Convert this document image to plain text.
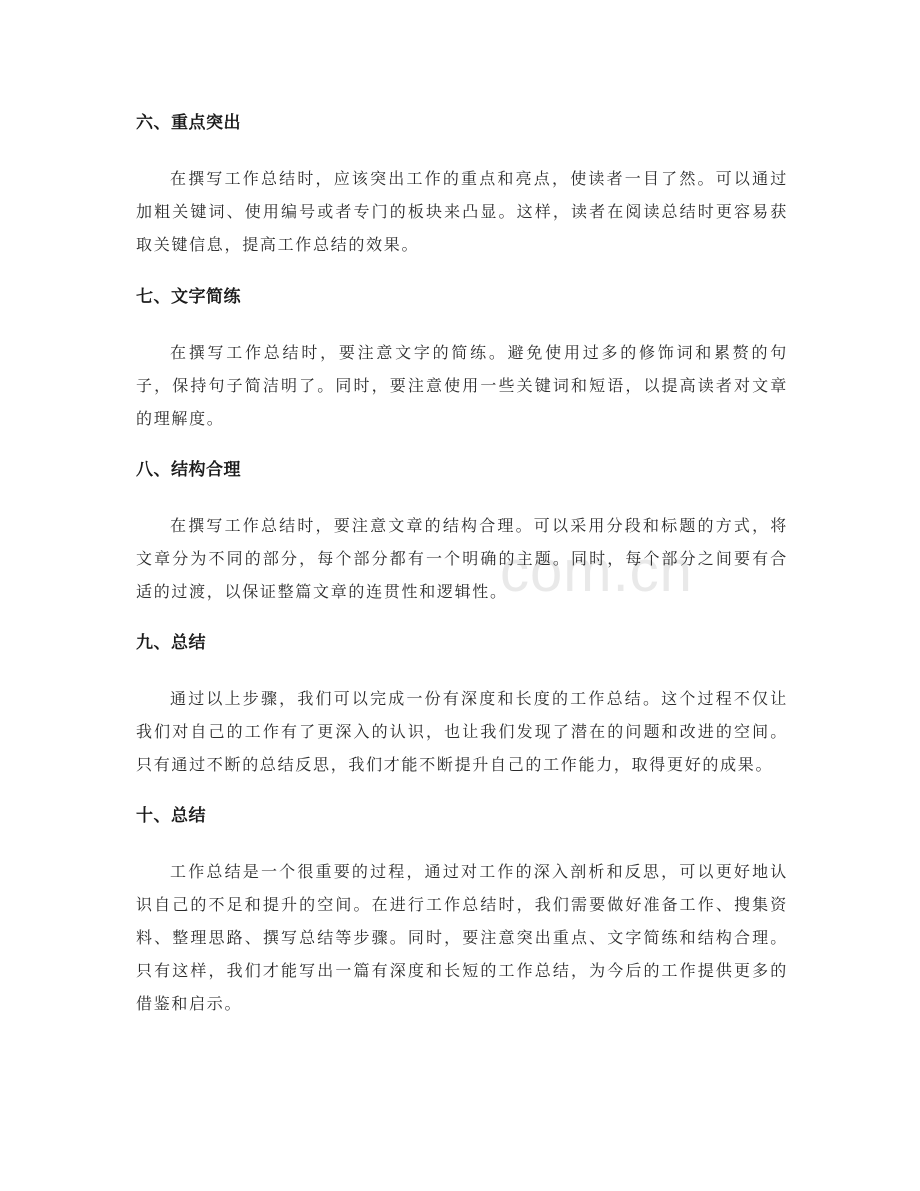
com.cn
六、重点突出

在撰写工作总结时，应该突出工作的重点和亮点，使读者一目了然。可以通过加粗关键词、使用编号或者专门的板块来凸显。这样，读者在阅读总结时更容易获取关键信息，提高工作总结的效果。

七、文字简练

在撰写工作总结时，要注意文字的简练。避免使用过多的修饰词和累赘的句子，保持句子简洁明了。同时，要注意使用一些关键词和短语，以提高读者对文章的理解度。

八、结构合理

在撰写工作总结时，要注意文章的结构合理。可以采用分段和标题的方式，将文章分为不同的部分，每个部分都有一个明确的主题。同时，每个部分之间要有合适的过渡，以保证整篇文章的连贯性和逻辑性。

九、总结

通过以上步骤，我们可以完成一份有深度和长度的工作总结。这个过程不仅让我们对自己的工作有了更深入的认识，也让我们发现了潜在的问题和改进的空间。只有通过不断的总结反思，我们才能不断提升自己的工作能力，取得更好的成果。

十、总结

工作总结是一个很重要的过程，通过对工作的深入剖析和反思，可以更好地认识自己的不足和提升的空间。在进行工作总结时，我们需要做好准备工作、搜集资料、整理思路、撰写总结等步骤。同时，要注意突出重点、文字简练和结构合理。只有这样，我们才能写出一篇有深度和长短的工作总结，为今后的工作提供更多的借鉴和启示。
